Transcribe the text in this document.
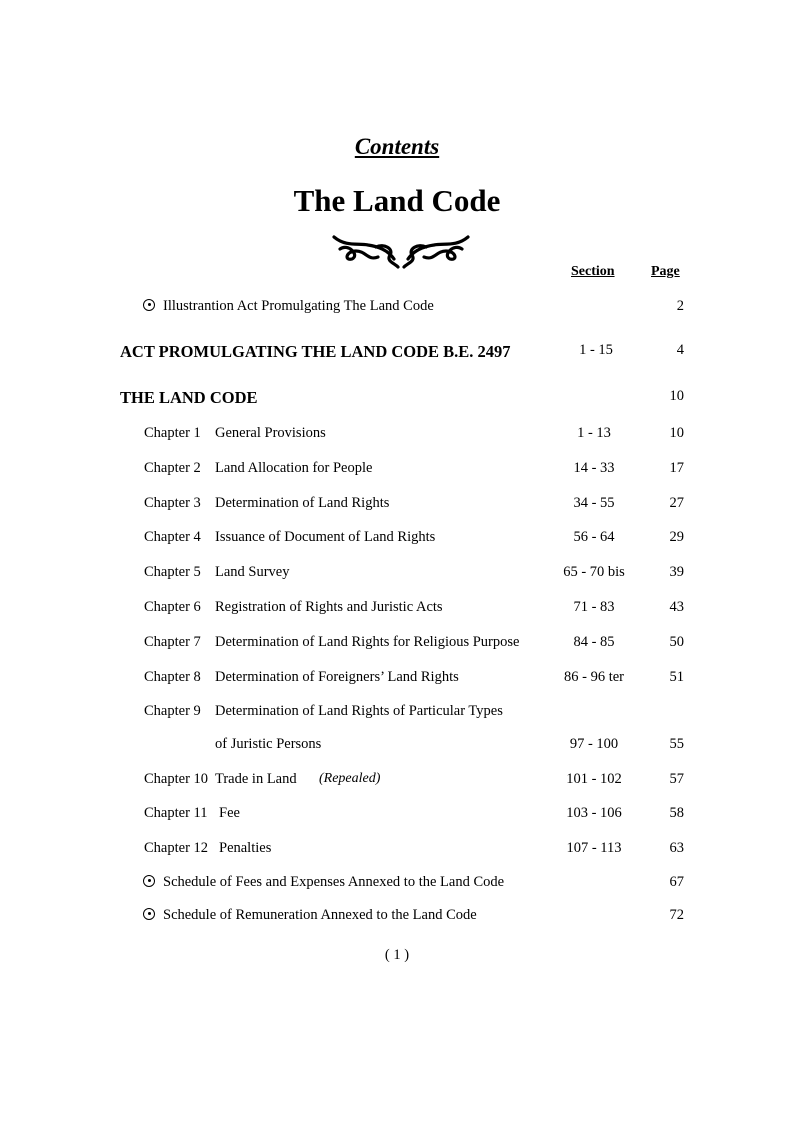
Contents
The Land Code
Section	Page
Illustrantion Act Promulgating The Land Code	2
ACT PROMULGATING THE LAND CODE B.E. 2497	1 - 15	4
THE LAND CODE	10
Chapter 1 General Provisions	1 - 13	10
Chapter 2 Land Allocation for People	14 - 33	17
Chapter 3 Determination of Land Rights	34 - 55	27
Chapter 4 Issuance of Document of Land Rights	56 - 64	29
Chapter 5 Land Survey	65 - 70 bis	39
Chapter 6 Registration of Rights and Juristic Acts	71 - 83	43
Chapter 7 Determination of Land Rights for Religious Purpose	84 - 85	50
Chapter 8 Determination of Foreigners’ Land Rights	86 - 96 ter	51
Chapter 9 Determination of Land Rights of Particular Types
of Juristic Persons	97 - 100	55
Chapter 10 Trade in Land (Repealed)	101 - 102	57
Chapter 11 Fee	103 - 106	58
Chapter 12 Penalties	107 - 113	63
Schedule of Fees and Expenses Annexed to the Land Code	67
Schedule of Remuneration Annexed to the Land Code	72
( 1 )
